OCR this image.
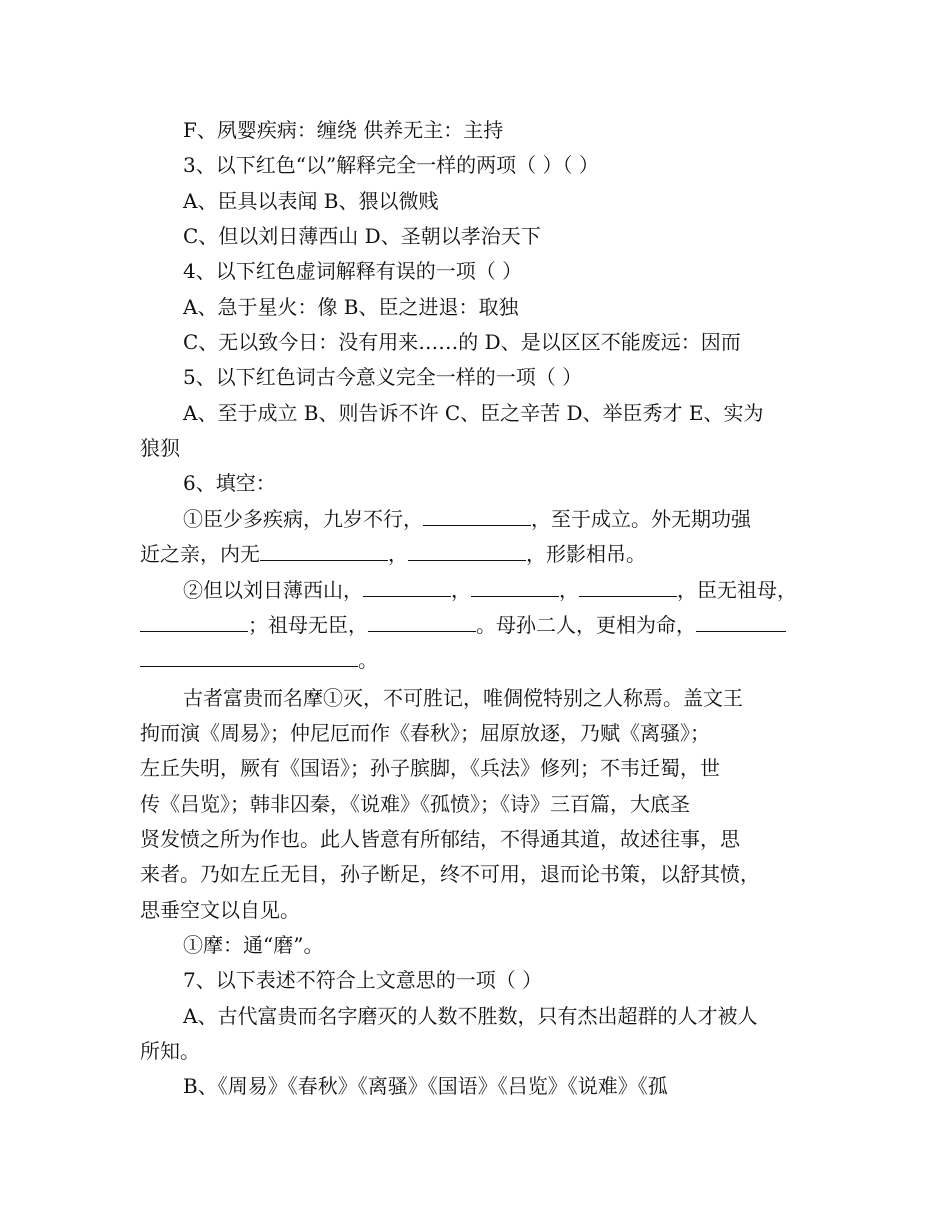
F、夙婴疾病：缠绕 供养无主：主持
3、以下红色“以”解释完全一样的两项（ ）（ ）
A、臣具以表闻 B、猥以微贱
C、但以刘日薄西山 D、圣朝以孝治天下
4、以下红色虚词解释有误的一项（ ）
A、急于星火：像 B、臣之进退：取独
C、无以致今日：没有用来……的 D、是以区区不能废远：因而
5、以下红色词古今意义完全一样的一项（ ）
A、至于成立 B、则告诉不许 C、臣之辛苦 D、举臣秀才 E、实为
狼狈
6、填空：
①臣少多疾病，九岁不行，	，至于成立。外无期功强
近之亲，内无	，	，形影相吊。
②但以刘日薄西山，	，	，	，臣无祖母，
；祖母无臣，	。母孙二人，更相为命，
。
古者富贵而名摩①灭，不可胜记，唯倜傥特别之人称焉。盖文王
拘而演《周易》；仲尼厄而作《春秋》；屈原放逐，乃赋《离骚》；
左丘失明，厥有《国语》；孙子膑脚，《兵法》修列；不韦迁蜀，世
传《吕览》；韩非囚秦，《说难》《孤愤》；《诗》三百篇，大底圣
贤发愤之所为作也。此人皆意有所郁结，不得通其道，故述往事，思
来者。乃如左丘无目，孙子断足，终不可用，退而论书策，以舒其愤，
思垂空文以自见。
①摩：通“磨”。
7、以下表述不符合上文意思的一项（ ）
A、古代富贵而名字磨灭的人数不胜数，只有杰出超群的人才被人
所知。
B、《周易》《春秋》《离骚》《国语》《吕览》《说难》《孤
